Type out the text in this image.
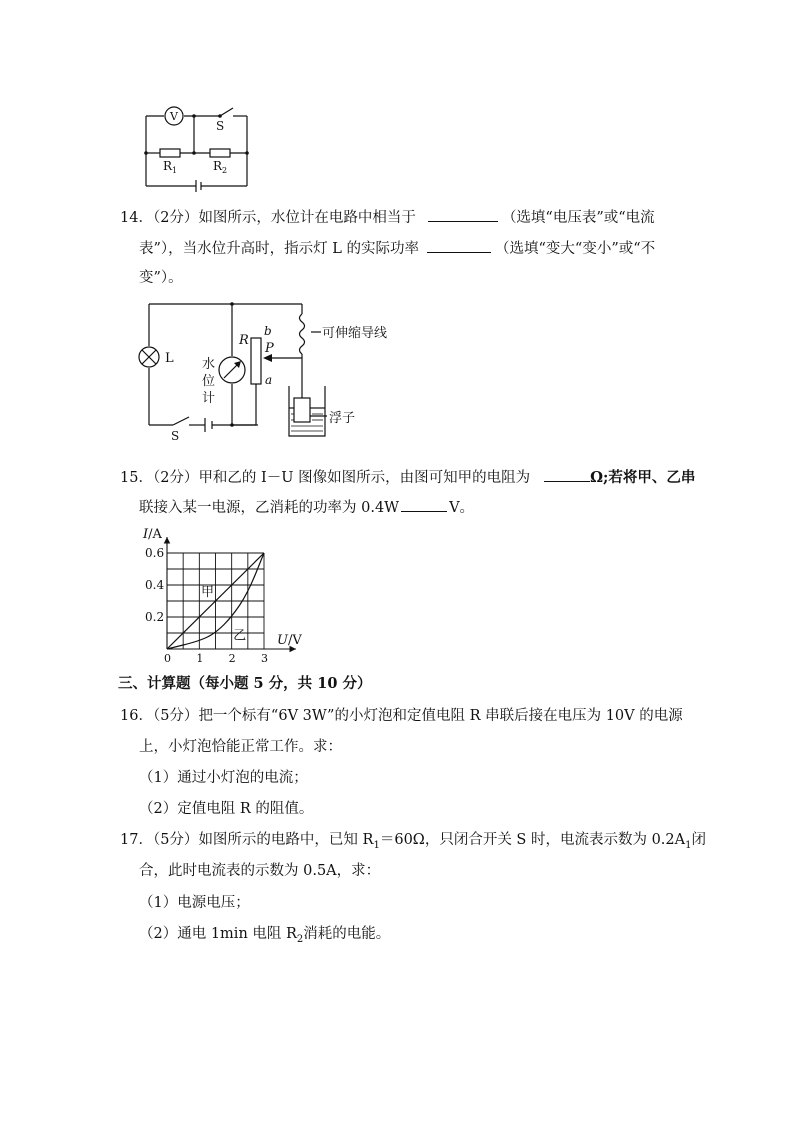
V
S
$R_1$	$R_2$
14．（2分）如图所示，水位计在电路中相当于	（选填“电压表”或“电流
表”），当水位升高时，指示灯 L 的实际功率	（选填“变大“变小”或“不
变”）。
L
R
b
P
a
水
位
计
S
可伸缩导线
浮子
15．（2分）甲和乙的 I－U 图像如图所示，由图可知甲的电阻为	Ω;若将甲、乙串
联接入某一电源，乙消耗的功率为 0.4W	V。
甲
乙
0 1 2 3
0.2
0.4
0.6
I/A
U/V
三、计算题（每小题 5 分，共 10 分）
16．（5分）把一个标有“6V 3W”的小灯泡和定值电阻 R 串联后接在电压为 10V 的电源
上，小灯泡恰能正常工作。求：
（1）通过小灯泡的电流；
（2）定值电阻 R 的阻值。
17．（5分）如图所示的电路中，已知 $R_1=60\Omega$，只闭合开关 S 时，电流表示数为 $0.2A_1$闭
合，此时电流表的示数为 0.5A，求：
（1）电源电压；
（2）通电 1min 电阻 $R_2$消耗的电能。
